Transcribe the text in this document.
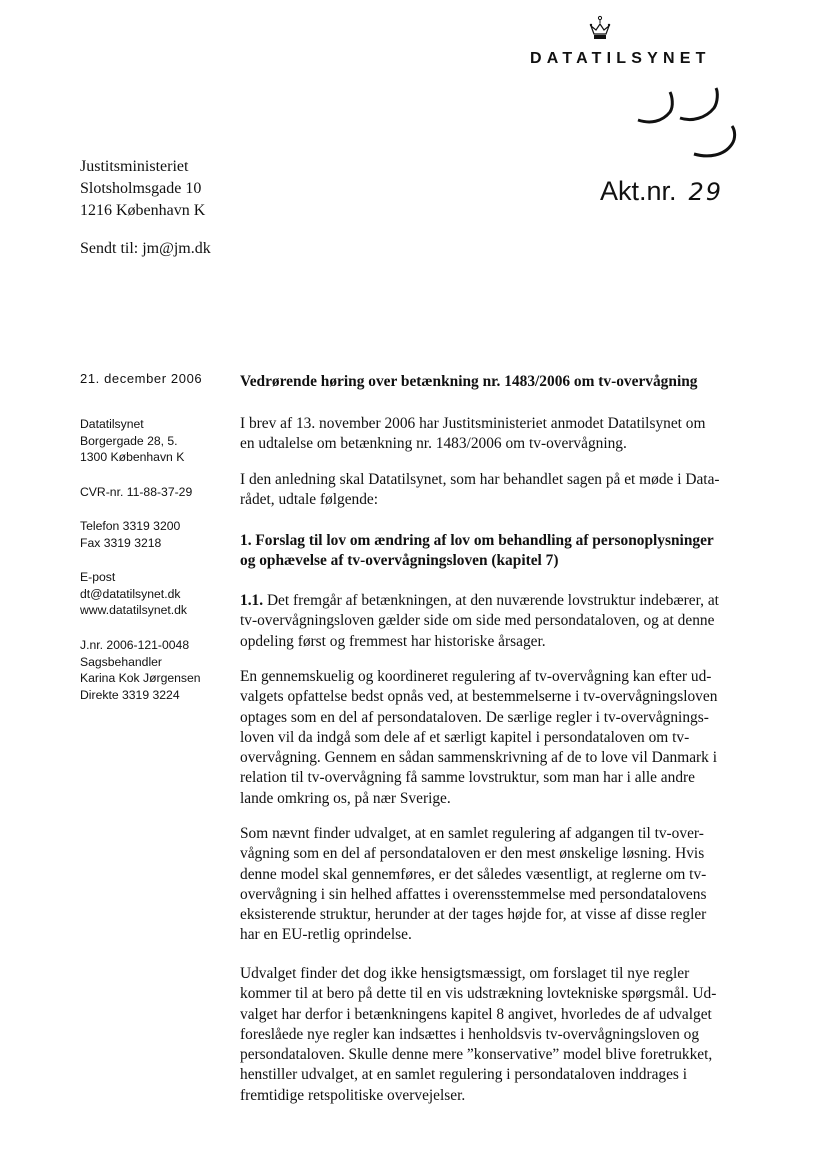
DATATILSYNET
Akt.nr. 29
Justitsministeriet
Slotsholmsgade 10
1216 København K
Sendt til: jm@jm.dk
21. december 2006
Datatilsynet
Borgergade 28, 5.
1300 København K
CVR-nr. 11-88-37-29
Telefon 3319 3200
Fax 3319 3218
E-post
dt@datatilsynet.dk
www.datatilsynet.dk
J.nr. 2006-121-0048
Sagsbehandler
Karina Kok Jørgensen
Direkte 3319 3224
Vedrørende høring over betænkning nr. 1483/2006 om tv-overvågning
I brev af 13. november 2006 har Justitsministeriet anmodet Datatilsynet om
en udtalelse om betænkning nr. 1483/2006 om tv-overvågning.
I den anledning skal Datatilsynet, som har behandlet sagen på et møde i Data-
rådet, udtale følgende:
1. Forslag til lov om ændring af lov om behandling af personoplysninger
og ophævelse af tv-overvågningsloven (kapitel 7)
1.1. Det fremgår af betænkningen, at den nuværende lovstruktur indebærer, at
tv-overvågningsloven gælder side om side med persondataloven, og at denne
opdeling først og fremmest har historiske årsager.
En gennemskuelig og koordineret regulering af tv-overvågning kan efter ud-
valgets opfattelse bedst opnås ved, at bestemmelserne i tv-overvågningsloven
optages som en del af persondataloven. De særlige regler i tv-overvågnings-
loven vil da indgå som dele af et særligt kapitel i persondataloven om tv-
overvågning. Gennem en sådan sammenskrivning af de to love vil Danmark i
relation til tv-overvågning få samme lovstruktur, som man har i alle andre
lande omkring os, på nær Sverige.
Som nævnt finder udvalget, at en samlet regulering af adgangen til tv-over-
vågning som en del af persondataloven er den mest ønskelige løsning. Hvis
denne model skal gennemføres, er det således væsentligt, at reglerne om tv-
overvågning i sin helhed affattes i overensstemmelse med persondatalovens
eksisterende struktur, herunder at der tages højde for, at visse af disse regler
har en EU-retlig oprindelse.
Udvalget finder det dog ikke hensigtsmæssigt, om forslaget til nye regler
kommer til at bero på dette til en vis udstrækning lovtekniske spørgsmål. Ud-
valget har derfor i betænkningens kapitel 8 angivet, hvorledes de af udvalget
foreslåede nye regler kan indsættes i henholdsvis tv-overvågningsloven og
persondataloven. Skulle denne mere ”konservative” model blive foretrukket,
henstiller udvalget, at en samlet regulering i persondataloven inddrages i
fremtidige retspolitiske overvejelser.
